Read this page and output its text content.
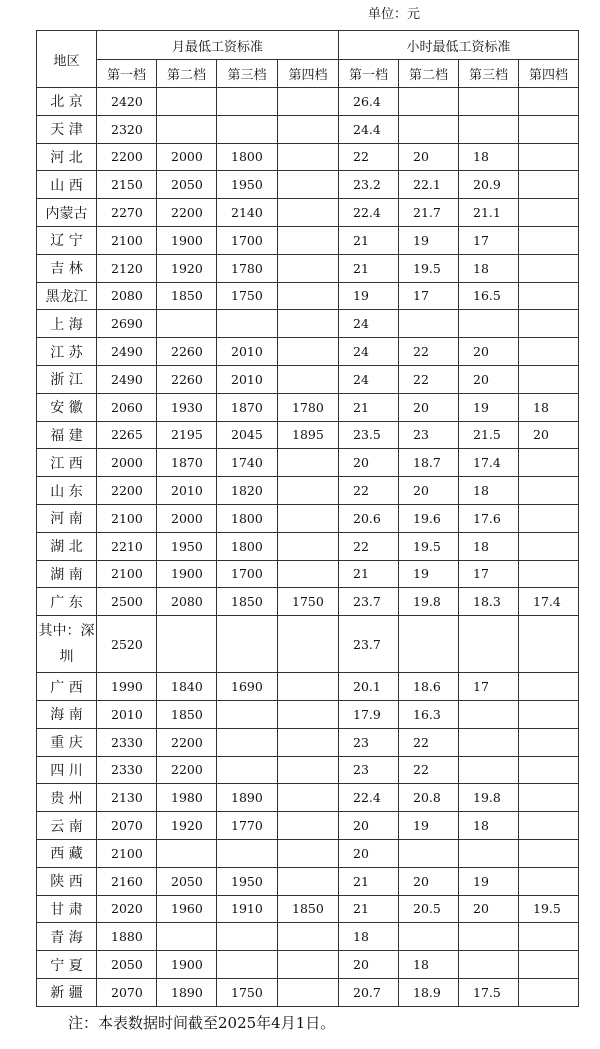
单位：元
地区	月最低工资标准				小时最低工资标准			
	第一档	第二档	第三档	第四档	第一档	第二档	第三档	第四档
北 京	2420				26.4			
天 津	2320				24.4			
河 北	2200	2000	1800		22	20	18	
山 西	2150	2050	1950		23.2	22.1	20.9	
内蒙古	2270	2200	2140		22.4	21.7	21.1	
辽 宁	2100	1900	1700		21	19	17	
吉 林	2120	1920	1780		21	19.5	18	
黑龙江	2080	1850	1750		19	17	16.5	
上 海	2690				24			
江 苏	2490	2260	2010		24	22	20	
浙 江	2490	2260	2010		24	22	20	
安 徽	2060	1930	1870	1780	21	20	19	18
福 建	2265	2195	2045	1895	23.5	23	21.5	20
江 西	2000	1870	1740		20	18.7	17.4	
山 东	2200	2010	1820		22	20	18	
河 南	2100	2000	1800		20.6	19.6	17.6	
湖 北	2210	1950	1800		22	19.5	18	
湖 南	2100	1900	1700		21	19	17	
广 东	2500	2080	1850	1750	23.7	19.8	18.3	17.4
其中：深圳	2520				23.7			
广 西	1990	1840	1690		20.1	18.6	17	
海 南	2010	1850			17.9	16.3		
重 庆	2330	2200			23	22		
四 川	2330	2200			23	22		
贵 州	2130	1980	1890		22.4	20.8	19.8	
云 南	2070	1920	1770		20	19	18	
西 藏	2100				20			
陕 西	2160	2050	1950		21	20	19	
甘 肃	2020	1960	1910	1850	21	20.5	20	19.5
青 海	1880				18			
宁 夏	2050	1900			20	18		
新 疆	2070	1890	1750		20.7	18.9	17.5	
注：本表数据时间截至2025年4月1日。
